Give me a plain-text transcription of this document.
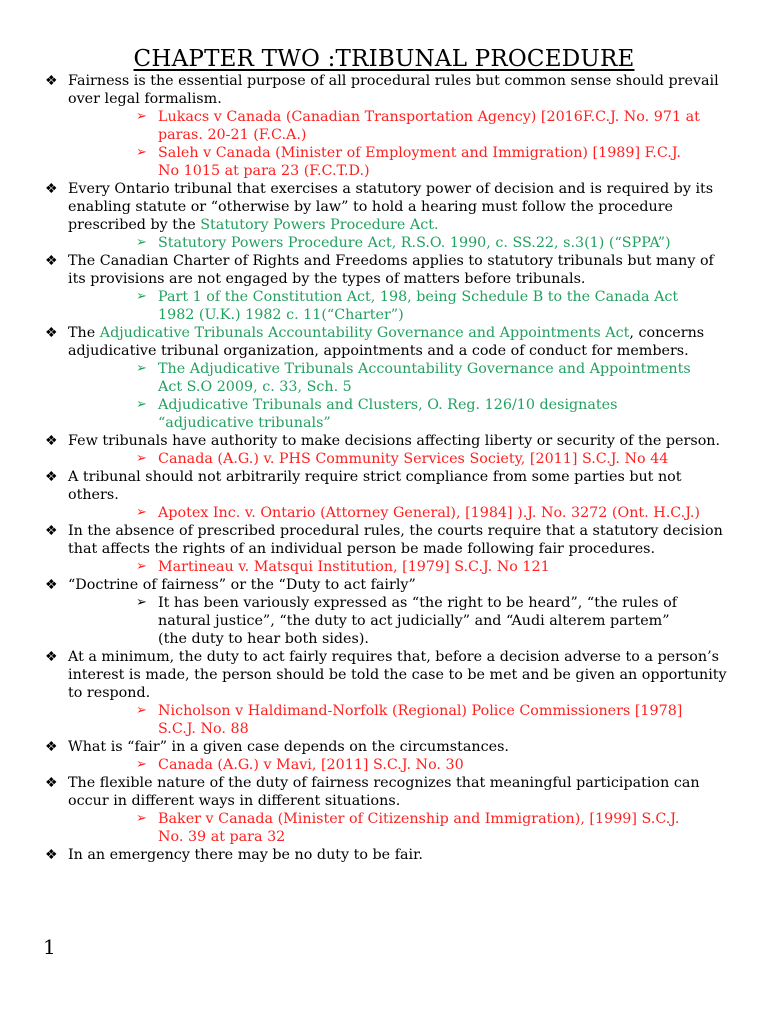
CHAPTER TWO :TRIBUNAL PROCEDURE
❖ Fairness is the essential purpose of all procedural rules but common sense should prevail over legal formalism.
➢ Lukacs v Canada (Canadian Transportation Agency) [2016F.C.J. No. 971 at paras. 20-21 (F.C.A.)
➢ Saleh v Canada (Minister of Employment and Immigration) [1989] F.C.J. No 1015 at para 23 (F.C.T.D.)
❖ Every Ontario tribunal that exercises a statutory power of decision and is required by its enabling statute or “otherwise by law” to hold a hearing must follow the procedure prescribed by the Statutory Powers Procedure Act.
➢ Statutory Powers Procedure Act, R.S.O. 1990, c. SS.22, s.3(1) (“SPPA”)
❖ The Canadian Charter of Rights and Freedoms applies to statutory tribunals but many of its provisions are not engaged by the types of matters before tribunals.
➢ Part 1 of the Constitution Act, 198, being Schedule B to the Canada Act 1982 (U.K.) 1982 c. 11(“Charter”)
❖ The Adjudicative Tribunals Accountability Governance and Appointments Act, concerns adjudicative tribunal organization, appointments and a code of conduct for members.
➢ The Adjudicative Tribunals Accountability Governance and Appointments Act S.O 2009, c. 33, Sch. 5
➢ Adjudicative Tribunals and Clusters, O. Reg. 126/10 designates “adjudicative tribunals”
❖ Few tribunals have authority to make decisions affecting liberty or security of the person.
➢ Canada (A.G.) v. PHS Community Services Society, [2011] S.C.J. No 44
❖ A tribunal should not arbitrarily require strict compliance from some parties but not others.
➢ Apotex Inc. v. Ontario (Attorney General), [1984] ).J. No. 3272 (Ont. H.C.J.)
❖ In the absence of prescribed procedural rules, the courts require that a statutory decision that affects the rights of an individual person be made following fair procedures.
➢ Martineau v. Matsqui Institution, [1979] S.C.J. No 121
❖ “Doctrine of fairness” or the “Duty to act fairly”
➢ It has been variously expressed as “the right to be heard”, “the rules of natural justice”, “the duty to act judicially” and “Audi alterem partem” (the duty to hear both sides).
❖ At a minimum, the duty to act fairly requires that, before a decision adverse to a person’s interest is made, the person should be told the case to be met and be given an opportunity to respond.
➢ Nicholson v Haldimand-Norfolk (Regional) Police Commissioners [1978] S.C.J. No. 88
❖ What is “fair” in a given case depends on the circumstances.
➢ Canada (A.G.) v Mavi, [2011] S.C.J. No. 30
❖ The flexible nature of the duty of fairness recognizes that meaningful participation can occur in different ways in different situations.
➢ Baker v Canada (Minister of Citizenship and Immigration), [1999] S.C.J. No. 39 at para 32
❖ In an emergency there may be no duty to be fair.
1
